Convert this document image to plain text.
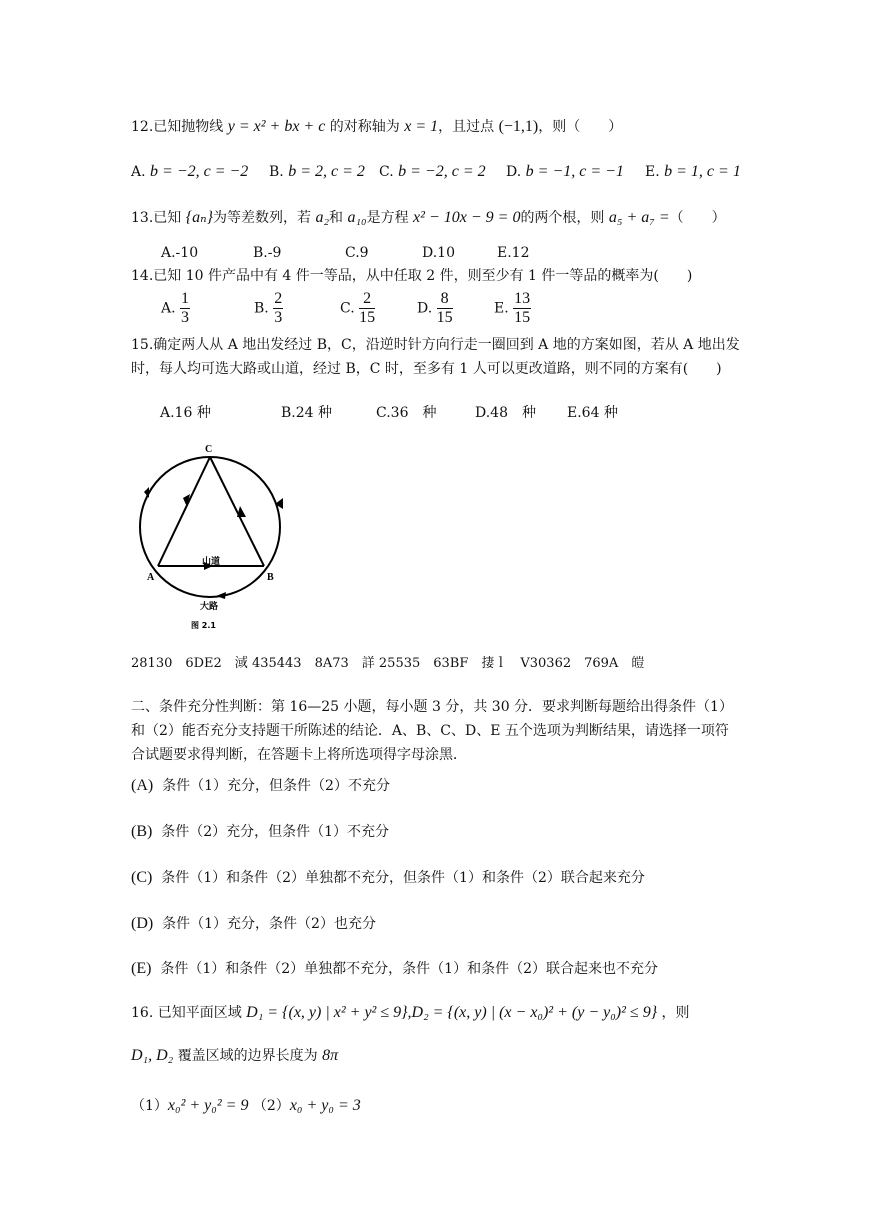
12.已知抛物线 y = x² + bx + c 的对称轴为 x = 1，且过点 (−1,1)，则（　　）
A. b = −2, c = −2 B. b = 2, c = 2 C. b = −2, c = 2 D. b = −1, c = −1 E. b = 1, c = 1
13.已知 {aₙ}为等差数列，若 a₂和 a₁₀是方程 x² − 10x − 9 = 0的两个根，则 a₅ + a₇ =（　　）
A.-10	B.-9	C.9	D.10	E.12
14.已知 10 件产品中有 4 件一等品，从中任取 2 件，则至少有 1 件一等品的概率为(　　)
A. $\frac{1}{3}$	B. $\frac{2}{3}$	C. $\frac{2}{15}$	D. $\frac{8}{15}$	E. $\frac{13}{15}$
15.确定两人从 A 地出发经过 B，C，沿逆时针方向行走一圈回到 A 地的方案如图，若从 A 地出发时，每人均可选大路或山道，经过 B，C 时，至多有 1 人可以更改道路，则不同的方案有(　　)
A.16 种	B.24 种	C.36　种	D.48　种 E.64 种
C
A	B
山道
大路
图 2.1
28130　6DE2　淢 435443　8A73　詳 25535　63BF　捿ｌ　V30362　769A　皚
二、条件充分性判断：第 16—25 小题，每小题 3 分，共 30 分．要求判断每题给出得条件（1）和（2）能否充分支持题干所陈述的结论．A、B、C、D、E 五个选项为判断结果，请选择一项符合试题要求得判断，在答题卡上将所选项得字母涂黑．
(A) 条件（1）充分，但条件（2）不充分
(B) 条件（2）充分，但条件（1）不充分
(C) 条件（1）和条件（2）单独都不充分，但条件（1）和条件（2）联合起来充分
(D) 条件（1）充分，条件（2）也充分
(E) 条件（1）和条件（2）单独都不充分，条件（1）和条件（2）联合起来也不充分
16. 已知平面区域 D₁ = {(x, y) | x² + y² ≤ 9},D₂ = {(x, y) | (x − x₀)² + (y − y₀)² ≤ 9} ，则
D₁, D₂ 覆盖区域的边界长度为 8π
（1）x₀² + y₀² = 9 （2）x₀ + y₀ = 3
